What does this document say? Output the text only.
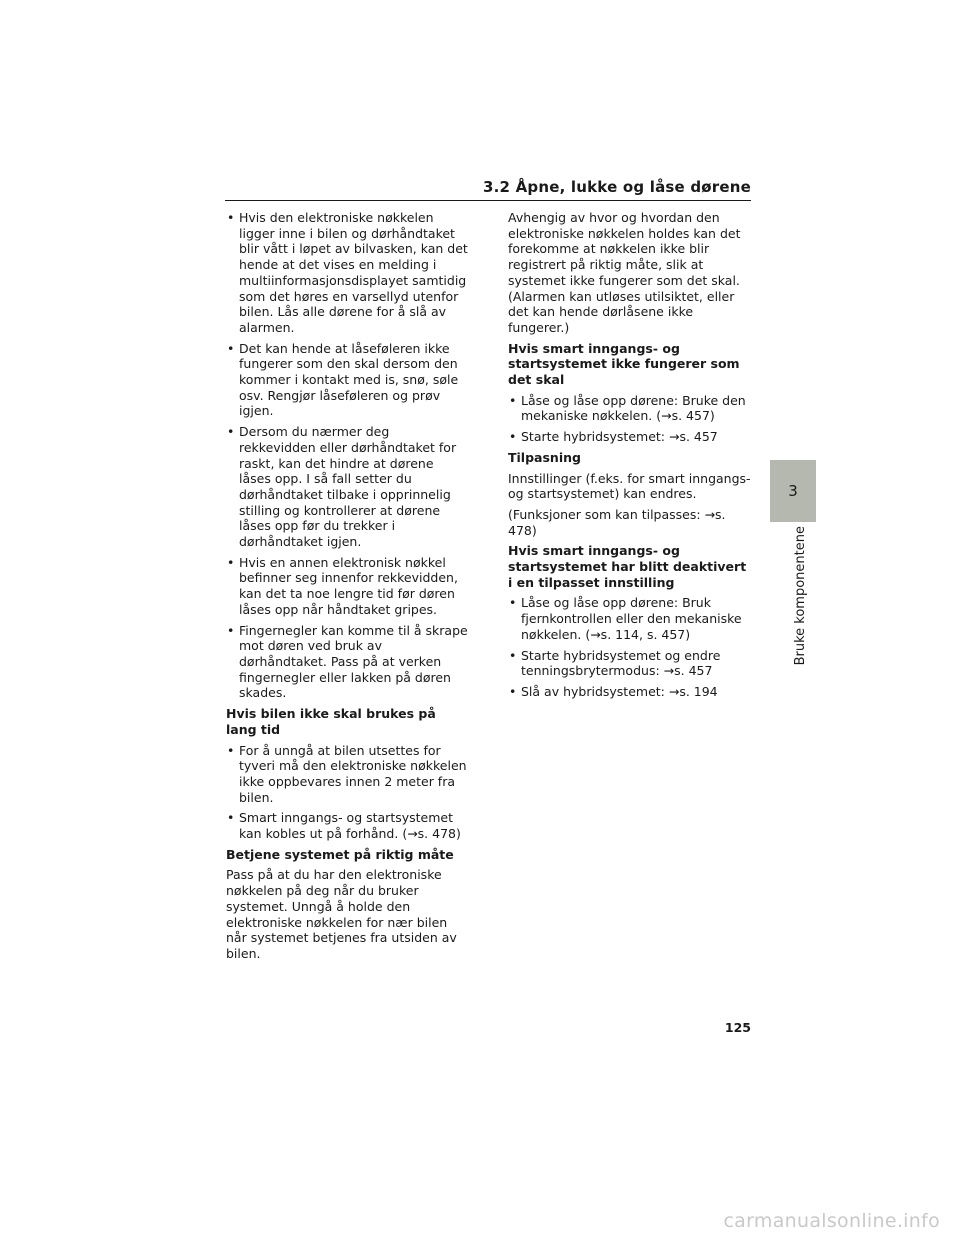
3.2 Åpne, lukke og låse dørene
• Hvis den elektroniske nøkkelen ligger inne i bilen og dørhåndtaket blir vått i løpet av bilvasken, kan det hende at det vises en melding i multiinformasjonsdisplayet samtidig som det høres en varsellyd utenfor bilen. Lås alle dørene for å slå av alarmen.
• Det kan hende at låseføleren ikke fungerer som den skal dersom den kommer i kontakt med is, snø, søle osv. Rengjør låseføleren og prøv igjen.
• Dersom du nærmer deg rekkevidden eller dørhåndtaket for raskt, kan det hindre at dørene låses opp. I så fall setter du dørhåndtaket tilbake i opprinnelig stilling og kontrollerer at dørene låses opp før du trekker i dørhåndtaket igjen.
• Hvis en annen elektronisk nøkkel befinner seg innenfor rekkevidden, kan det ta noe lengre tid før døren låses opp når håndtaket gripes.
• Fingernegler kan komme til å skrape mot døren ved bruk av dørhåndtaket. Pass på at verken fingernegler eller lakken på døren skades.
Hvis bilen ikke skal brukes på lang tid
• For å unngå at bilen utsettes for tyveri må den elektroniske nøkkelen ikke oppbevares innen 2 meter fra bilen.
• Smart inngangs- og startsystemet kan kobles ut på forhånd. (→s. 478)
Betjene systemet på riktig måte
Pass på at du har den elektroniske nøkkelen på deg når du bruker systemet. Unngå å holde den elektroniske nøkkelen for nær bilen når systemet betjenes fra utsiden av bilen.
Avhengig av hvor og hvordan den elektroniske nøkkelen holdes kan det forekomme at nøkkelen ikke blir registrert på riktig måte, slik at systemet ikke fungerer som det skal. (Alarmen kan utløses utilsiktet, eller det kan hende dørlåsene ikke fungerer.)
Hvis smart inngangs- og startsystemet ikke fungerer som det skal
• Låse og låse opp dørene: Bruke den mekaniske nøkkelen. (→s. 457)
• Starte hybridsystemet: →s. 457
Tilpasning
Innstillinger (f.eks. for smart inngangs- og startsystemet) kan endres.
(Funksjoner som kan tilpasses: →s. 478)
Hvis smart inngangs- og startsystemet har blitt deaktivert i en tilpasset innstilling
• Låse og låse opp dørene: Bruk fjernkontrollen eller den mekaniske nøkkelen. (→s. 114, s. 457)
• Starte hybridsystemet og endre tenningsbrytermodus: →s. 457
• Slå av hybridsystemet: →s. 194
3
Bruke komponentene
125
carmanualsonline.info
